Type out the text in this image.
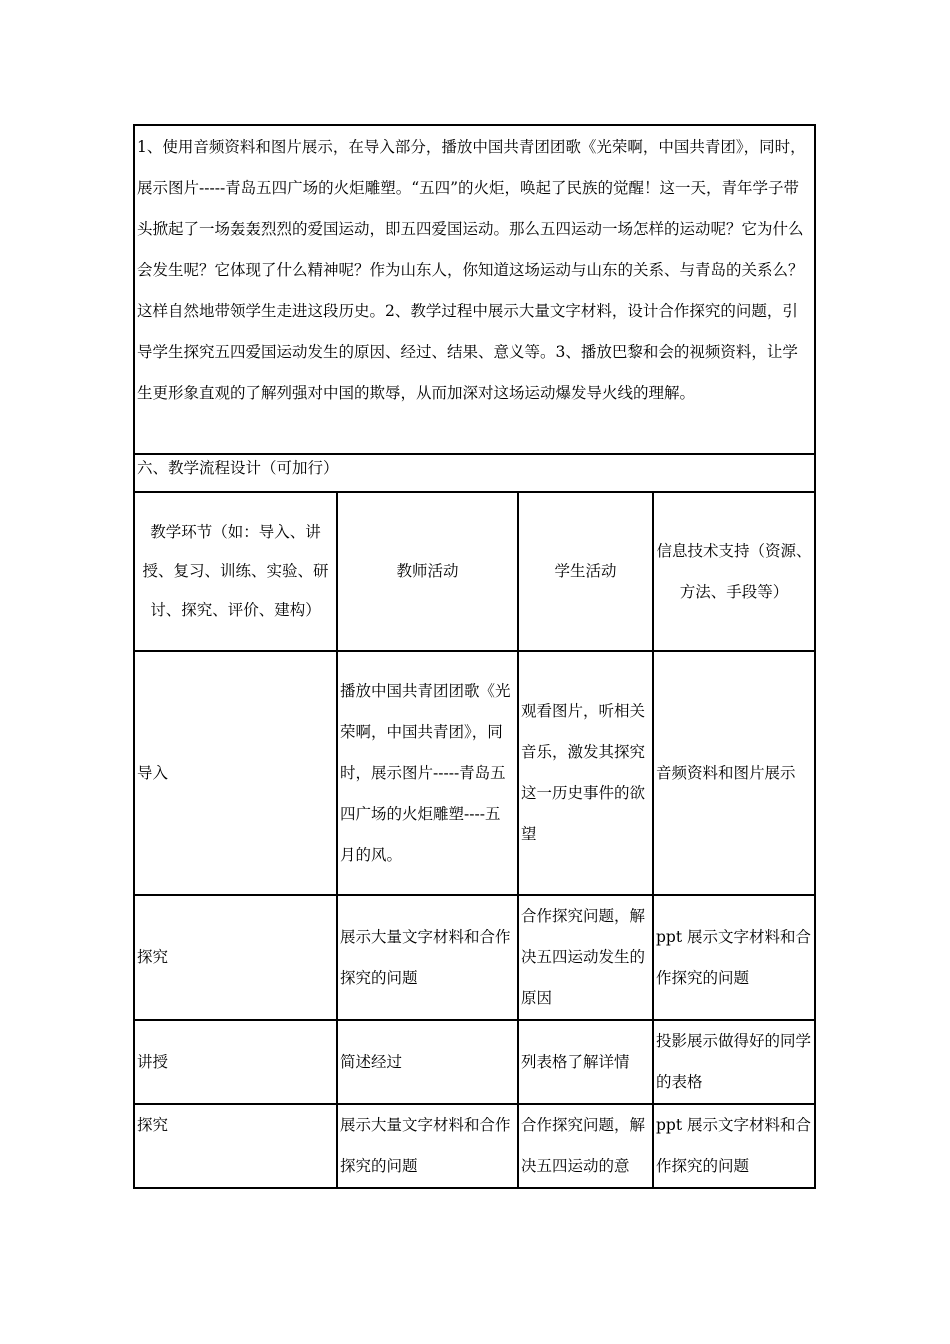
1、使用音频资料和图片展示，在导入部分，播放中国共青团团歌《光荣啊，中国共青团》，同时，展示图片-----青岛五四广场的火炬雕塑。“五四”的火炬，唤起了民族的觉醒！这一天，青年学子带头掀起了一场轰轰烈烈的爱国运动，即五四爱国运动。那么五四运动一场怎样的运动呢？它为什么会发生呢？它体现了什么精神呢？作为山东人，你知道这场运动与山东的关系、与青岛的关系么？这样自然地带领学生走进这段历史。2、教学过程中展示大量文字材料，设计合作探究的问题，引导学生探究五四爱国运动发生的原因、经过、结果、意义等。3、播放巴黎和会的视频资料，让学生更形象直观的了解列强对中国的欺辱，从而加深对这场运动爆发导火线的理解。			
六、教学流程设计（可加行）			
教学环节（如：导入、讲授、复习、训练、实验、研讨、探究、评价、建构）	教师活动	学生活动	信息技术支持（资源、方法、手段等）
导入	播放中国共青团团歌《光荣啊，中国共青团》，同时，展示图片-----青岛五四广场的火炬雕塑----五月的风。	观看图片，听相关音乐，激发其探究这一历史事件的欲望	音频资料和图片展示
探究	展示大量文字材料和合作探究的问题	合作探究问题，解决五四运动发生的原因	ppt 展示文字材料和合作探究的问题
讲授	简述经过	列表格了解详情	投影展示做得好的同学的表格
探究	展示大量文字材料和合作探究的问题	合作探究问题，解决五四运动的意	ppt 展示文字材料和合作探究的问题
